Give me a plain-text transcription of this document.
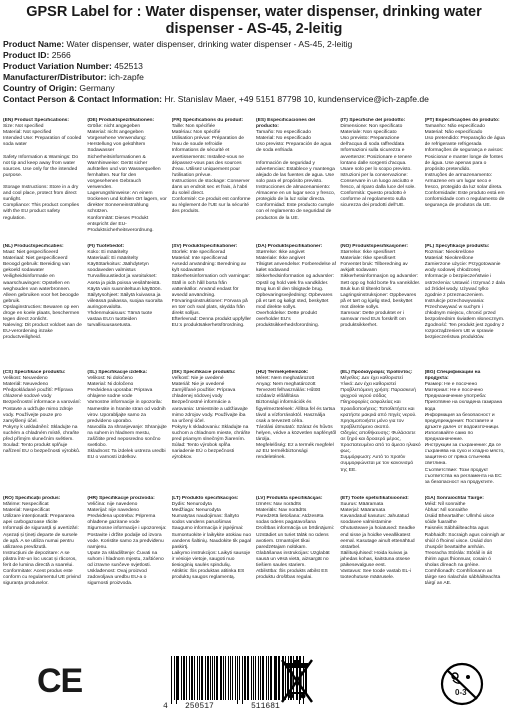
GPSR Label for : Water dispenser, water dispenser, drinking water dispenser - AS-45, 2-leitig
Product Name: Water dispenser, water dispenser, drinking water dispenser - AS-45, 2-leitig
Product ID: 2566
Product Variation Number: 452513
Manufacturer/Distributor: ich-zapfe
Country of Origin: Germany
Contact Person & Contact Information: Hr. Stanislav Maer, +49 5151 87798 10, kundenservice@ich-zapfe.de
(EN) Product Specifications:
Size: Not specified
Material: Not specified
Intended Use: Preparation of cooled soda water

Safety Information & Warnings: Do not tip and keep away from water sources. Use only for the intended purpose.

Storage Instructions: Store in a dry and cool place, protect from direct sunlight.
Compliance: This product complies with the EU product safety regulation.
(DE) Produktspezifikationen:
Größe: nicht angegeben
Material: nicht angegeben
Vorgesehene Verwendung: Herstellung von gekühltem Sodawasser
Sicherheitsinformationen & Warnhinweise: Gerät sicher aufstellen und von Wasserquellen fernhalten. Nur für den vorgesehenen Gebrauch verwenden.
Lagerungshinweise: An einem trockenen und kühlen Ort lagern, vor direkter Sonneneinstrahlung schützen.
Konformität: Dieses Produkt entspricht der EU-Produktsicherheitsverordnung.
(FR) Spécifications du produit:
Taille: Non spécifiée
Matériau: Non spécifié
Utilisation prévue: Préparation de l'eau de soude refroidie
Informations de sécurité et avertissements: Installez-vous ne dépassez-vous pas des sources d'eau. Utilisez uniquement pour l'utilisation prévue.
Instructions de stockage: Conserver dans un endroit sec et frais, à l'abri du soleil direct.
Conformité: Ce produit est conforme au règlement de l'UE sur la sécurité des produits.
(ES) Especificaciones del producto:
Tamaño: No especificado
Material: No especificado
Uso previsto: Preparación de agua de soda enfriada

Información de seguridad y advertencias: Establece y mantenga alejado de las fuentes de agua. Use solo para el propósito previsto.
Instrucciones de almacenamiento: Almacene en un lugar seco y fresco, protegido de la luz solar directa.
Conformidad: Este producto cumple con el reglamento de seguridad de productos de la UE.
(IT) Specifiche del prodotto:
Dimensione: Non specificato
Materiale: Non specificato
Uso previsto: Preparazione dell'acqua di soda raffreddata
Informazioni sulla sicurezza e avvertenze: Posizionare e tenere lontano dalle sorgenti d'acqua. Usare solo per lo scopo previsto.
Istruzioni per la conservazione: Conservare in un luogo asciutto e fresco, al riparo dalla luce del sole.
Conformità: Questo prodotto è conforme al regolamento sulla sicurezza dei prodotti dell'UE.
(PT) Especificações do produto:
Tamanho: Não especificado
Material: Não especificado
Uso pretendido: Preparação de água de refrigerante refrigerada
Informações de segurança e avisos: Posicionar e manter longe de fontes de água. Use apenas para o propósito pretendido.
Instruções de armazenamento: Armazene em um lugar seco e fresco, protegido da luz solar direta.
Conformidade: Este produto está em conformidade com o regulamento de segurança de produtos da UE.
(NL) Productspecificaties:
Maat: Niet gespecificeerd
Materiaal: Niet gespecificeerd
Beoogd gebruik: Bereiding van gekoeld sodawater
Veiligheidsinformatie en waarschuwingen: Opstellen en weghouden van waterbronnen. Alleen gebruiken voor het beoogde gebruik.
Opslaginstructies: Bewaren op een droge en koele plaats, beschermen tegen direct zonlicht.
Naleving: Dit product voldoet aan de EU-verordening inzake productveiligheid.
(FI) Tuotetiedot:
Koko: Ei määritelty
Materiaali: Ei määritelty
Käyttötarkoitus: Jäähdytetyn soodaveden valmistus
Turvallisuustiedot ja varoitukset: Aseta ja pidä poissa vesilähteistä. Käytä vain suunniteltuun käyttöön.
Säilytysohjeet: Säilytä kuivassa ja viileässä paikassa, suojaa suoralta auringonvalolta.
Yhdenmukaisuus: Tämä tuote vastaa EU:n tuotteiden turvallisuusasetusta.
(SV) Produktspecifikationer:
Storlek: Inte specificerad
Material: Inte specificerad
Avsedd användning: Beredning av kylt sodavatten
Säkerhetsinformation och varningar: Ställ in och håll borta från vattenkällor. Använd endast för avsedd användning.
Förvaringsinstruktioner: Förvara på en torr och sval plats, skydda från direkt solljus.
Efterlevnad: Denna produkt uppfyller EU:s produktsäkerhetsförordning.
(DA) Produktspecifikationer:
Størrelse: Ikke angivet
Materiale: Ikke angivet
Tilsigtet anvendelse: Forberedelse af kølet sodavand
Sikkerhedsinformation og advarsler: Opstil og hold væk fra vandkilder. Brug kun til den tilsigtede brug.
Opbevaringsvejledning: Opbevares på et tørt og køligt sted, beskyttet mod direkte sollys.
Overholdelse: Dette produkt overholder EU's produktsikkerhedsforordning.
(NO) Produktspesifikasjoner:
Størrelse: Ikke spesifisert
Materiale: Ikke spesifisert
Forventet bruk: Tilberedning av avkjølt sodavann
Sikkerhetsinformasjon og advarsler: Sett opp og hold borte fra vannkilder. Bruk kun til tiltenkt bruk.
Lagringsinstruksjoner: Oppbevares på et tørt og kjølig sted, beskyttet mot direkte sollys.
Samsvar: Dette produktet er i samsvar med EUs forskrift om produktsikkerhet.
(PL) Specyfikacje produktu:
Rozmiar: Nieokreślone
Materiał: Nieokreślone
Zamierzone użycie: Przygotowanie wody sodowej chłodzonej
Informacje o bezpieczeństwie i ostrzeżenia: Ustawić i trzymać z dala od źródeł wody. Używać tylko zgodnie z przeznaczeniem.
Instrukcje przechowywania: Przechowywać w suchym i chłodnym miejscu, chronić przed bezpośrednim światłem słonecznym.
Zgodność: Ten produkt jest zgodny z rozporządzeniem UE w sprawie bezpieczeństwa produktów.
(CS) Specifikace produktu:
Velikost: Neuvedeno
Materiál: Neuvedeno
Předpokládané použití: Příprava chlazené sodové vody
Bezpečnostní informace a varování: Postavte a udržujte mimo zdroje vody. Používejte pouze pro zamýšlený účel.
Pokyny k uskladnění: Skladujte na suchém a chladném místě, chraňte před přímým slunečním světlem.
Soulad: Tento produkt splňuje nařízení EU o bezpečnosti výrobků.
(SL) Specifikacije izdelka:
Velikost: Ni določeno
Material: Ni določeno
Predvidena uporaba: Priprava ohlajene sodne vode
Varnostne informacije in opozorila: Namestite in hranite stran od vodnih virov. Uporabljajte samo za predvideno uporabo.
Navodila za shranjevanje: Shranjujte na suhem in hladnem mestu, zaščitite pred neposredno sončno svetlobo.
Skladnost: Ta izdelek ustreza uredbi EU o varnosti izdelkov.
(SK) Špecifikácie produktu:
Veľkosť: Nie je uvedené
Materiál: Nie je uvedené
Zamýšľané použitie: Príprava chladenej sódovej vody
Bezpečnostné informácie a varovania: Umiestnite a udržiavajte mimo zdrojov vody. Používajte iba na určený účel.
Pokyny k skladovaniu: Skladujte na suchom a chladnom mieste, chráňte pred priamym slnečným žiarením.
Súlad: Tento výrobok spĺňa nariadenie EÚ o bezpečnosti výrobkov.
(HU) Termékjellemzők:
Méret: Nem meghatározott
Anyag: Nem meghatározott
Tervezett felhasználás: Hűtött szódavíz előállítása
Biztonsági információk és figyelmeztetések: Állítsa fel és tartsa távol a vízforrásoktól. Használja csak a tervezett célra.
Tárolási útmutató: Száraz és hűvös helyen, védve a közvetlen napfénytől tárolja.
Megfelelőség: Ez a termék megfelel az EU termékbiztonsági rendeletének.
(EL) Προδιαγραφές προϊόντος:
Μέγεθος: Δεν έχει καθοριστεί
Υλικό: Δεν έχει καθοριστεί
Προβλεπόμενη χρήση: Παρασκευή ψυχρού νερού σόδας
Πληροφορίες ασφαλείας και προειδοποιήσεις: Τοποθετήστε και κρατήστε μακριά από πηγές νερού. Χρησιμοποιήστε μόνο για τον προβλεπόμενο σκοπό.
Οδηγίες αποθήκευσης: Φυλάσσετε σε ξηρό και δροσερό μέρος, προστατευμένο από το άμεσο ηλιακό φως.
Συμμόρφωση: Αυτό το προϊόν συμμορφώνεται με τον κανονισμό της ΕΕ.
(BG) Спецификации на продукта:
Размер: Не е посочено
Материал: Не е посочено
Предназначение употреба: Приготвяне на охладена газирана вода
Информация за безопасност и предупреждения: Поставете и дръжте далеч от водоизточници. Използвайте само по предназначение.
Инструкции за съхранение: Да се съхранява на сухо и хладно място, защитено от пряка слънчева светлина.
Съответствие: Този продукт съответства на регламента на ЕС за безопасност на продуктите.
(RO) Specificații produs:
Mărime: Nespecificat
Material: Nespecificat
Utilizare intenționată: Prepararea apei carbogazoase răcite
Informații de siguranță și avertizări: Așezați și țineți departe de sursele de apă. A se utiliza numai pentru utilizarea prevăzută.
Instrucțiuni de depozitare: A se păstra într-un loc uscat și răcoros, ferit de lumina directă a soarelui.
Conformitate: Acest produs este conform cu regulamentul UE privind siguranța produselor.
(HR) Specifikacije proizvoda:
Veličina: nije navedeno
Materijal: nije navedeno
Predviđena upotreba: Priprema ohlađene gazirane vode
Sigurnosne informacije i upozorenja: Postavite i držite podalje od izvora vode. Koristite samo za predviđenu namjenu.
Upute za skladištenje: Čuvati na suhom i hladnom mjestu, zaštićeno od izravne sunčeve svjetlosti.
Usklađenost: Ovaj proizvod zadovoljava uredbu EU-a o sigurnosti proizvoda.
(LT) Produkto specifikacijos:
Dydis: Nenurodyta
Medžiaga: Nenurodyta
Numatytas naudojimas: Šaltyto sodos vandens paruošimas
Saugumo informacija ir įspėjimai: Sumontuokite ir laikykite atokiau nuo vandens šaltinių. Naudokite tik pagal paskirtį.
Laikymo instrukcijos: Laikyti sausoje ir vėsioje vietoje, saugoti nuo tiesioginių saulės spindulių.
Atitiktis: Šis produktas atitinka ES produktų saugos reglamentą.
(LV) Produkta specifikācijas:
Izmērs: Nav norādīts
Materiāls: Nav norādīts
Paredzētā lietošana: Atdzesēta sodas ūdens pagatavošana
Drošības informācija un brīdinājumi: Uzstādiet un turiet tālāk no ūdens avotiem. Izmantojiet tikai paredzētajam nolūkam.
Glabāšanas instrukcijas: Uzglabāt sausā un vēsā vietā, aizsargāt no tiešiem saules stariem.
Atbilstība: Šis produkts atbilst ES produktu drošības regulai.
(ET) Toote spetsifikatsioonid:
Suurus: Määramata
Materjal: Määramata
Kavandatud kasutus: Jahutatud soodavee valmistamine
Ohutusteave ja hoiatused: Seadke end sisse ja hoidke veeallikatest eemal. Kasutage ainult ettenähtud otstarbel.
Säilitusjuhised: Hoida kuivas ja jahedas kohas, kaitstuna otsese päikesevalguse eest.
Vastavus: See toode vastab EL-i tooteohutuse määrusele.
(GA) Sonraíochtaí Táirge:
Méid: Níl sonraithe
Ábhar: Níl sonraithe
Úsáid Bheartaithe: Ullmhú uisce sóide fuaraithe
Faisnéis Sábháilteachta agus Rabhaidh: Socraigh agus coinnigh ar shiúl ó fhoinsí uisce. Úsáid don chuspóir beartaithe amháin.
Treoracha Stórála: Stóráil in áit thirim agus fhionnuar, cosain ó sholas díreach na gréine.
Comhlíonadh: Comhlíonann an táirge seo rialachán sábháilteachta táirgí an AE.
CE
4 250517	511681
0-3
